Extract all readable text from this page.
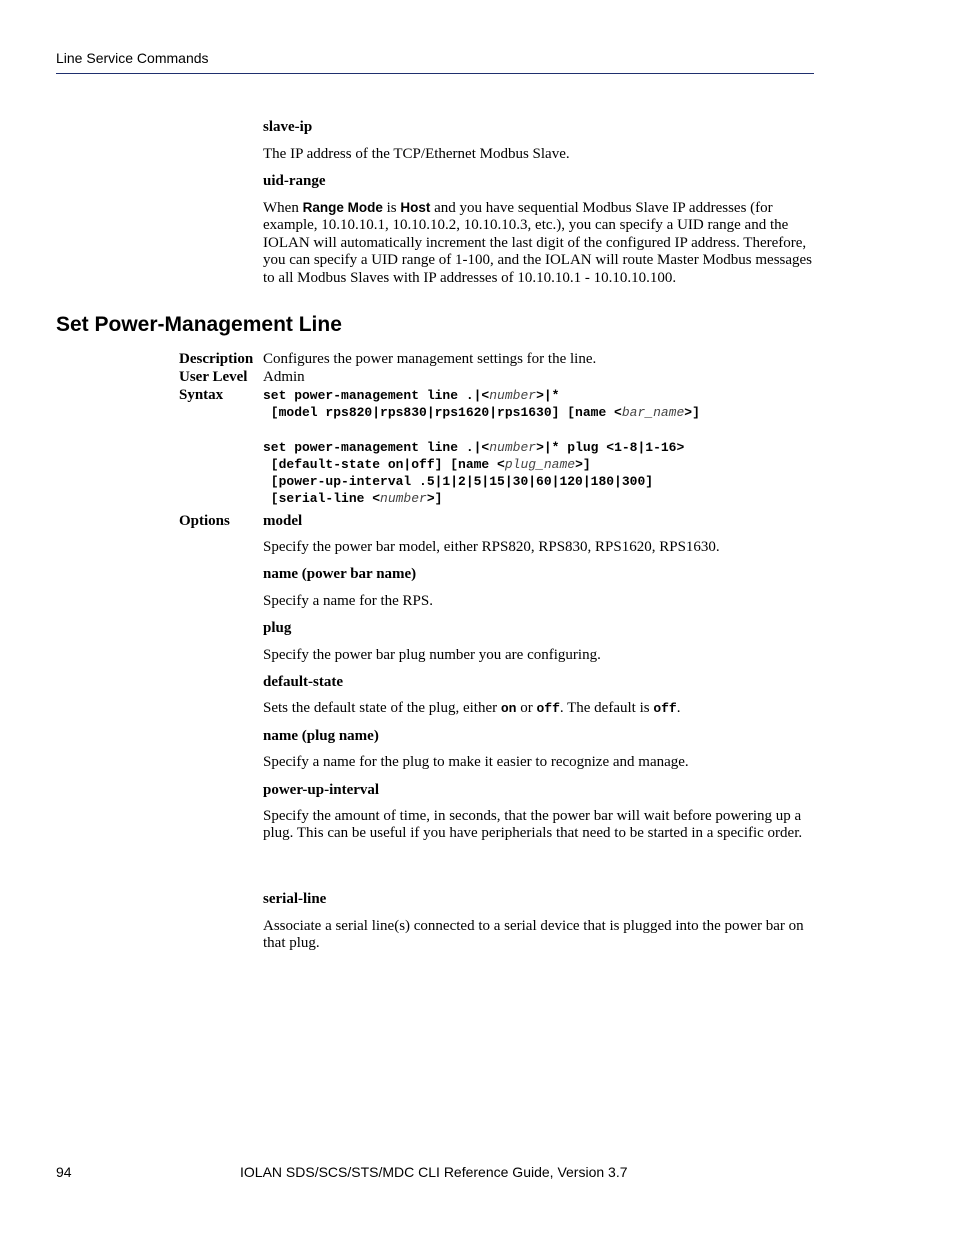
Line Service Commands
slave-ip
The IP address of the TCP/Ethernet Modbus Slave.
uid-range
When Range Mode is Host and you have sequential Modbus Slave IP addresses (for example, 10.10.10.1, 10.10.10.2, 10.10.10.3, etc.), you can specify a UID range and the IOLAN will automatically increment the last digit of the configured IP address. Therefore, you can specify a UID range of 1-100, and the IOLAN will route Master Modbus messages to all Modbus Slaves with IP addresses of 10.10.10.1 - 10.10.10.100.
Set Power-Management Line
Description Configures the power management settings for the line.
User Level Admin
Syntax	set power-management line .|<number>|*
[model rps820|rps830|rps1620|rps1630] [name <bar_name>]
set power-management line .|<number>|* plug <1-8|1-16>
[default-state on|off] [name <plug_name>]
[power-up-interval .5|1|2|5|15|30|60|120|180|300]
[serial-line <number>]
Options model
Specify the power bar model, either RPS820, RPS830, RPS1620, RPS1630.
name (power bar name)
Specify a name for the RPS.
plug
Specify the power bar plug number you are configuring.
default-state
Sets the default state of the plug, either on or off. The default is off.
name (plug name)
Specify a name for the plug to make it easier to recognize and manage.
power-up-interval
Specify the amount of time, in seconds, that the power bar will wait before powering up a plug. This can be useful if you have peripherials that need to be started in a specific order.
serial-line
Associate a serial line(s) connected to a serial device that is plugged into the power bar on that plug.
94	IOLAN SDS/SCS/STS/MDC CLI Reference Guide, Version 3.7
